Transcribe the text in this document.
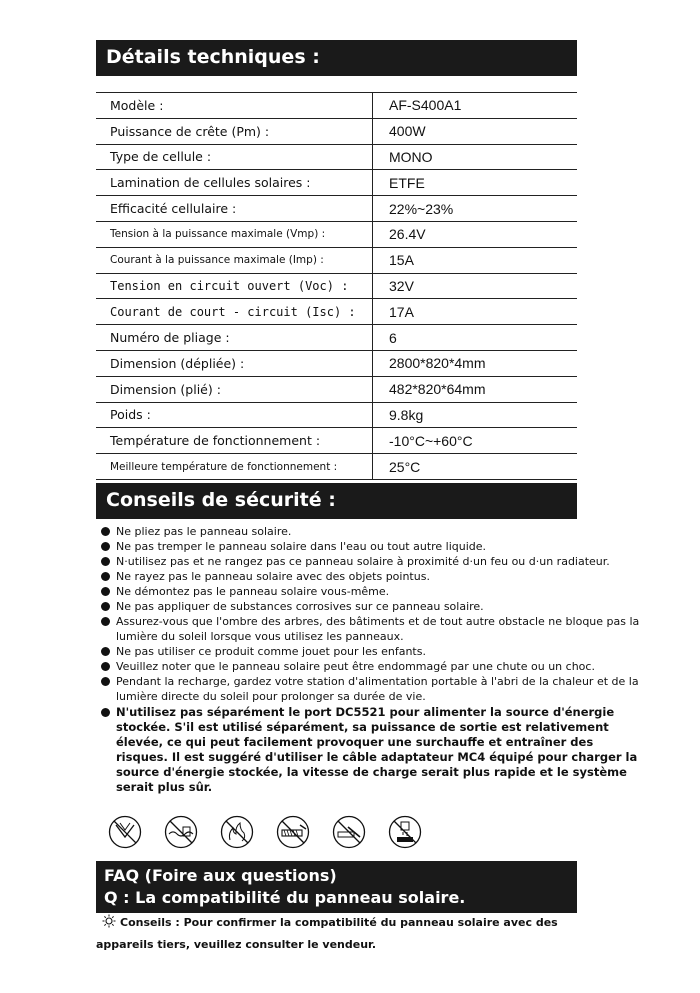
Détails techniques :
Modèle :	AF-S400A1
Puissance de crête (Pm) :	400W
Type de cellule :	MONO
Lamination de cellules solaires :	ETFE
Efficacité cellulaire :	22%~23%
Tension à la puissance maximale (Vmp) :	26.4V
Courant à la puissance maximale (Imp) :	15A
Tension en circuit ouvert (Voc) :	32V
Courant de court - circuit (Isc) :	17A
Numéro de pliage :	6
Dimension (dépliée) :	2800*820*4mm
Dimension (plié) :	482*820*64mm
Poids :	9.8kg
Température de fonctionnement :	-10°C~+60°C
Meilleure température de fonctionnement :	25°C
Conseils de sécurité :
Ne pliez pas le panneau solaire.
Ne pas tremper le panneau solaire dans l'eau ou tout autre liquide.
N·utilisez pas et ne rangez pas ce panneau solaire à proximité d·un feu ou d·un radiateur.
Ne rayez pas le panneau solaire avec des objets pointus.
Ne démontez pas le panneau solaire vous-même.
Ne pas appliquer de substances corrosives sur ce panneau solaire.
Assurez-vous que l'ombre des arbres, des bâtiments et de tout autre obstacle ne bloque pas la lumière du soleil lorsque vous utilisez les panneaux.
Ne pas utiliser ce produit comme jouet pour les enfants.
Veuillez noter que le panneau solaire peut être endommagé par une chute ou un choc.
Pendant la recharge, gardez votre station d'alimentation portable à l'abri de la chaleur et de la lumière directe du soleil pour prolonger sa durée de vie.
N'utilisez pas séparément le port DC5521 pour alimenter la source d'énergie stockée. S'il est utilisé séparément, sa puissance de sortie est relativement élevée, ce qui peut facilement provoquer une surchauffe et entraîner des risques. Il est suggéré d'utiliser le câble adaptateur MC4 équipé pour charger la source d'énergie stockée, la vitesse de charge serait plus rapide et le système serait plus sûr.
FAQ (Foire aux questions)
Q : La compatibilité du panneau solaire.
Conseils : Pour confirmer la compatibilité du panneau solaire avec des appareils tiers, veuillez consulter le vendeur.
